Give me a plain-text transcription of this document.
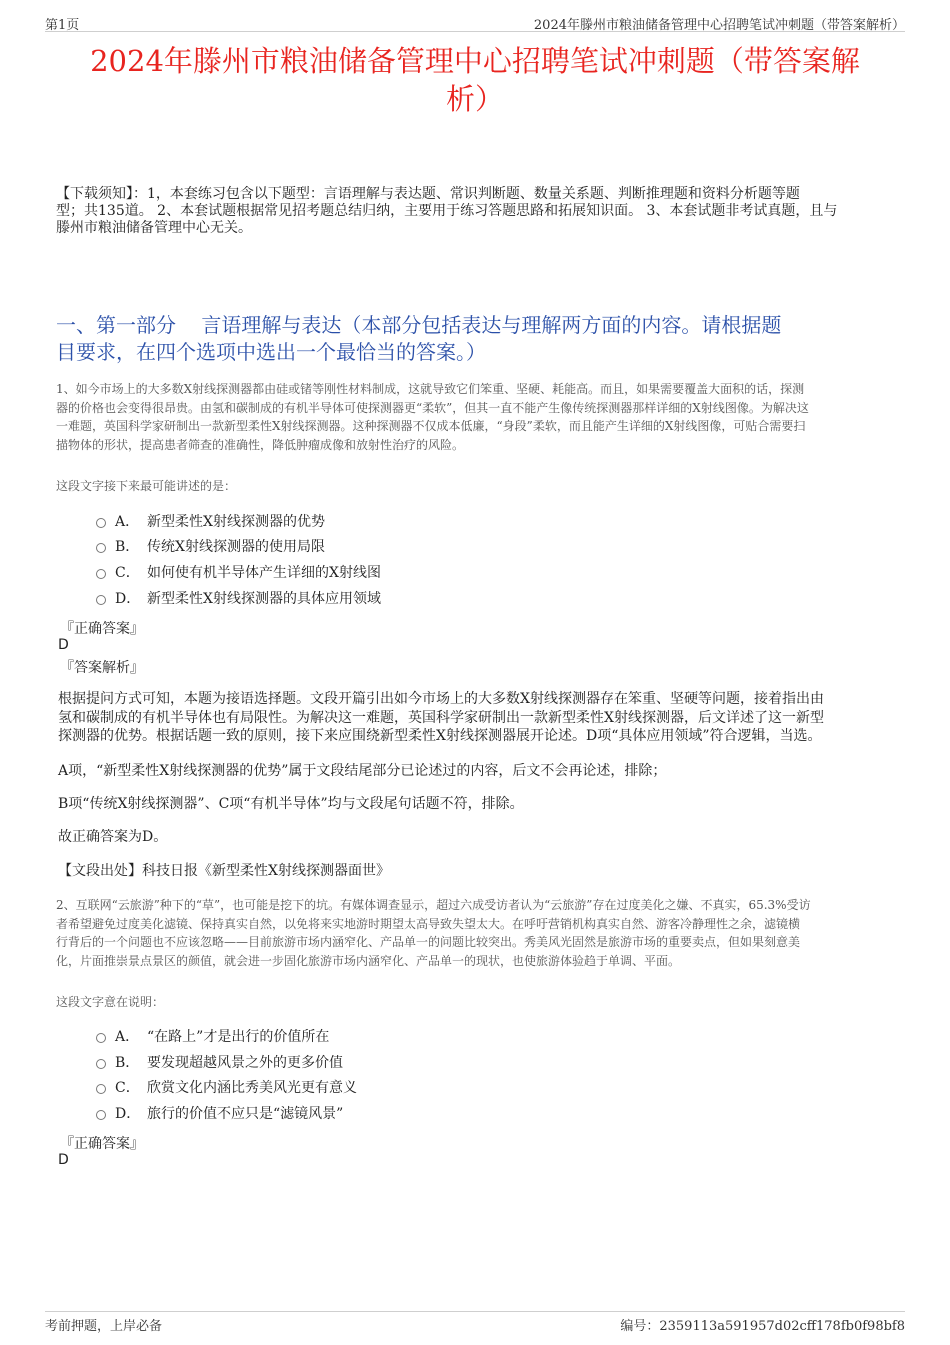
第1页	2024年滕州市粮油储备管理中心招聘笔试冲刺题（带答案解析）
2024年滕州市粮油储备管理中心招聘笔试冲刺题（带答案解
析）
【下载须知】：1，本套练习包含以下题型：言语理解与表达题、常识判断题、数量关系题、判断推理题和资料分析题等题
型；共135道。 2、本套试题根据常见招考题总结归纳，主要用于练习答题思路和拓展知识面。 3、本套试题非考试真题，且与
滕州市粮油储备管理中心无关。
一、第一部分    言语理解与表达（本部分包括表达与理解两方面的内容。请根据题
目要求，在四个选项中选出一个最恰当的答案。）
1、如今市场上的大多数X射线探测器都由硅或锗等刚性材料制成，这就导致它们笨重、坚硬、耗能高。而且，如果需要覆盖大面积的话，探测
器的价格也会变得很昂贵。由氢和碳制成的有机半导体可使探测器更“柔软”，但其一直不能产生像传统探测器那样详细的X射线图像。为解决这
一难题，英国科学家研制出一款新型柔性X射线探测器。这种探测器不仅成本低廉，“身段”柔软，而且能产生详细的X射线图像，可贴合需要扫
描物体的形状，提高患者筛查的准确性，降低肿瘤成像和放射性治疗的风险。
这段文字接下来最可能讲述的是：
A． 新型柔性X射线探测器的优势
B． 传统X射线探测器的使用局限
C． 如何使有机半导体产生详细的X射线图
D． 新型柔性X射线探测器的具体应用领域
『正确答案』
D
『答案解析』
根据提问方式可知，本题为接语选择题。文段开篇引出如今市场上的大多数X射线探测器存在笨重、坚硬等问题，接着指出由
氢和碳制成的有机半导体也有局限性。为解决这一难题，英国科学家研制出一款新型柔性X射线探测器，后文详述了这一新型
探测器的优势。根据话题一致的原则，接下来应围绕新型柔性X射线探测器展开论述。D项“具体应用领域”符合逻辑，当选。
A项，“新型柔性X射线探测器的优势”属于文段结尾部分已论述过的内容，后文不会再论述，排除；
B项“传统X射线探测器”、C项“有机半导体”均与文段尾句话题不符，排除。
故正确答案为D。
【文段出处】科技日报《新型柔性X射线探测器面世》
2、互联网“云旅游”种下的“草”，也可能是挖下的坑。有媒体调查显示，超过六成受访者认为“云旅游”存在过度美化之嫌、不真实，65.3%受访
者希望避免过度美化滤镜、保持真实自然，以免将来实地游时期望太高导致失望太大。在呼吁营销机构真实自然、游客冷静理性之余，滤镜横
行背后的一个问题也不应该忽略——目前旅游市场内涵窄化、产品单一的问题比较突出。秀美风光固然是旅游市场的重要卖点，但如果刻意美
化，片面推崇景点景区的颜值，就会进一步固化旅游市场内涵窄化、产品单一的现状，也使旅游体验趋于单调、平面。
这段文字意在说明：
A． “在路上”才是出行的价值所在
B． 要发现超越风景之外的更多价值
C． 欣赏文化内涵比秀美风光更有意义
D． 旅行的价值不应只是“滤镜风景”
『正确答案』
D
考前押题，上岸必备	编号：2359113a591957d02cff178fb0f98bf8
